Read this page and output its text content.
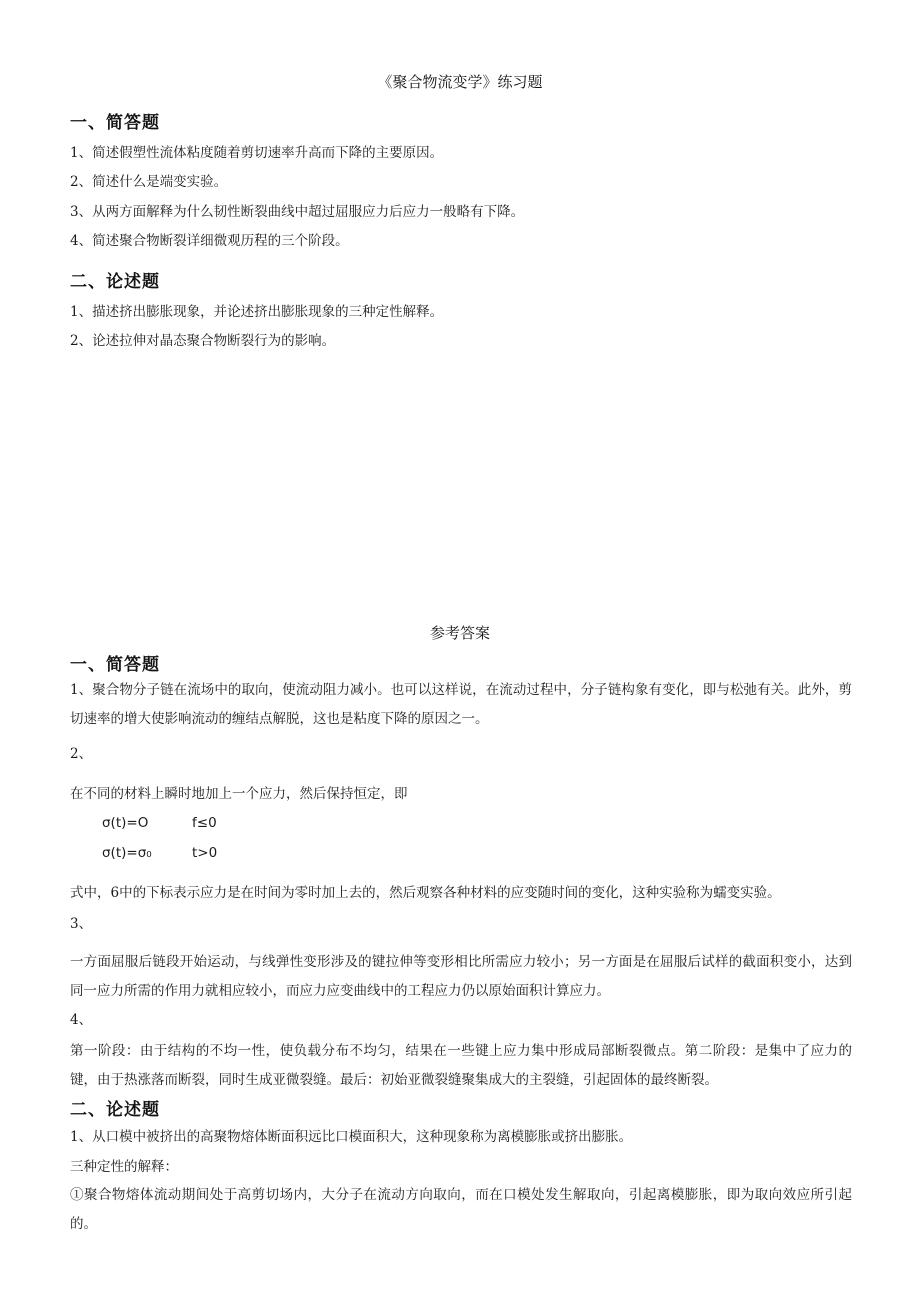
《聚合物流变学》练习题
一、简答题
1、简述假塑性流体粘度随着剪切速率升高而下降的主要原因。
2、简述什么是端变实验。
3、从两方面解释为什么韧性断裂曲线中超过屈服应力后应力一般略有下降。
4、简述聚合物断裂详细微观历程的三个阶段。
二、论述题
1、描述挤出膨胀现象，并论述挤出膨胀现象的三种定性解释。
2、论述拉伸对晶态聚合物断裂行为的影响。
参考答案
一、简答题
1、聚合物分子链在流场中的取向，使流动阻力减小。也可以这样说，在流动过程中，分子链构象有变化，即与松弛有关。此外，剪切速率的增大使影响流动的缠结点解脱，这也是粘度下降的原因之一。
2、
在不同的材料上瞬时地加上一个应力，然后保持恒定，即
σ(t)=O	f≤0
σ(t)=σ₀	t>0
式中，6中的下标表示应力是在时间为零时加上去的，然后观察各种材料的应变随时间的变化，这种实验称为蠕变实验。
3、
一方面屈服后链段开始运动，与线弹性变形涉及的键拉伸等变形相比所需应力较小；另一方面是在屈服后试样的截面积变小，达到同一应力所需的作用力就相应较小，而应力应变曲线中的工程应力仍以原始面积计算应力。
4、
第一阶段：由于结构的不均一性，使负载分布不均匀，结果在一些键上应力集中形成局部断裂微点。第二阶段：是集中了应力的键，由于热涨落而断裂，同时生成亚微裂缝。最后：初始亚微裂缝聚集成大的主裂缝，引起固体的最终断裂。
二、论述题
1、从口模中被挤出的高聚物熔体断面积远比口模面积大，这种现象称为离模膨胀或挤出膨胀。
三种定性的解释：
①聚合物熔体流动期间处于高剪切场内，大分子在流动方向取向，而在口模处发生解取向，引起离模膨胀，即为取向效应所引起的。
